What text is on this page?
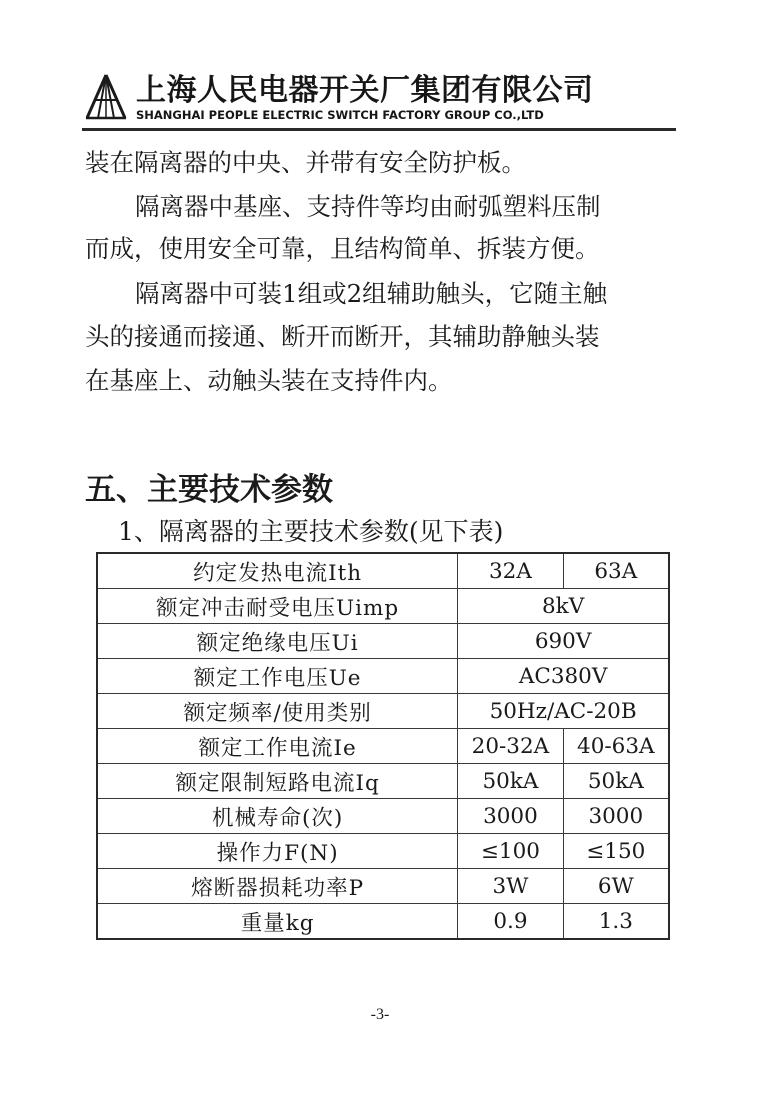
上海人民电器开关厂集团有限公司
SHANGHAI PEOPLE ELECTRIC SWITCH FACTORY GROUP CO.,LTD
装在隔离器的中央、并带有安全防护板。
隔离器中基座、支持件等均由耐弧塑料压制
而成，使用安全可靠，且结构简单、拆装方便。
隔离器中可装1组或2组辅助触头，它随主触
头的接通而接通、断开而断开，其辅助静触头装
在基座上、动触头装在支持件内。
五、主要技术参数
1、隔离器的主要技术参数(见下表)
约定发热电流Ith	32A	63A
额定冲击耐受电压Uimp	8kV	
额定绝缘电压Ui	690V	
额定工作电压Ue	AC380V	
额定频率/使用类别	50Hz/AC-20B	
额定工作电流Ie	20-32A	40-63A
额定限制短路电流Iq	50kA	50kA
机械寿命(次)	3000	3000
操作力F(N)	≤100	≤150
熔断器损耗功率P	3W	6W
重量kg	0.9	1.3
-3-
